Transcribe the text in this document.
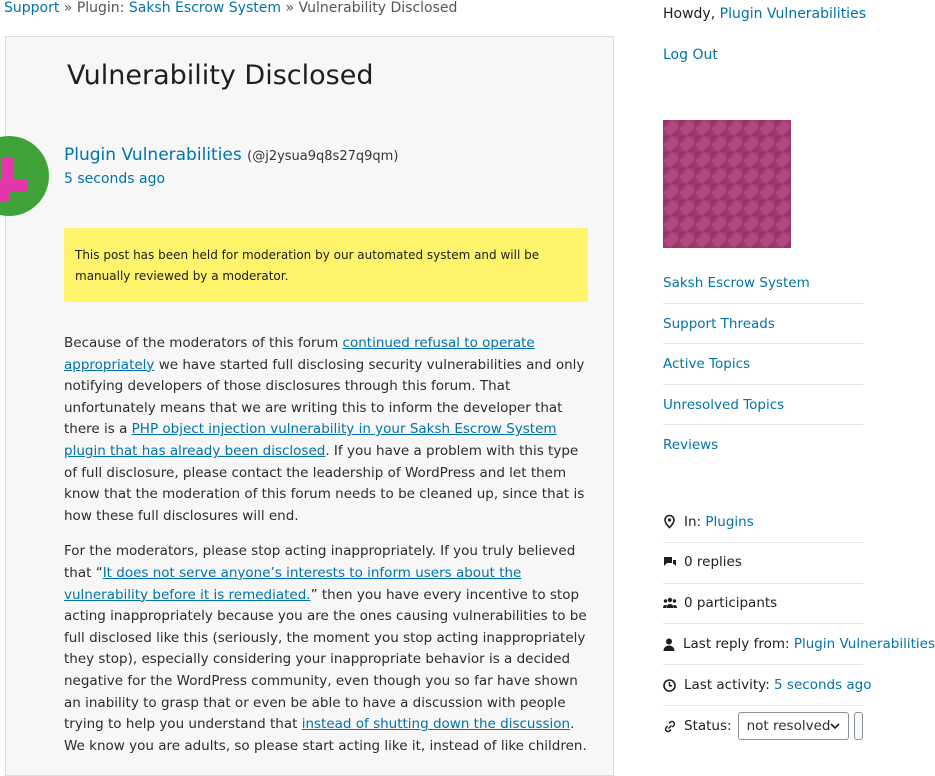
Support » Plugin: Saksh Escrow System » Vulnerability Disclosed
Vulnerability Disclosed
Plugin Vulnerabilities (@j2ysua9q8s27q9qm)
5 seconds ago
This post has been held for moderation by our automated system and will be manually reviewed by a moderator.

Because of the moderators of this forum continued refusal to operate appropriately we have started full disclosing security vulnerabilities and only notifying developers of those disclosures through this forum. That unfortunately means that we are writing this to inform the developer that there is a PHP object injection vulnerability in your Saksh Escrow System plugin that has already been disclosed. If you have a problem with this type of full disclosure, please contact the leadership of WordPress and let them know that the moderation of this forum needs to be cleaned up, since that is how these full disclosures will end.

For the moderators, please stop acting inappropriately. If you truly believed that “It does not serve anyone’s interests to inform users about the vulnerability before it is remediated.” then you have every incentive to stop acting inappropriately because you are the ones causing vulnerabilities to be full disclosed like this (seriously, the moment you stop acting inappropriately they stop), especially considering your inappropriate behavior is a decided negative for the WordPress community, even though you so far have shown an inability to grasp that or even be able to have a discussion with people trying to help you understand that instead of shutting down the discussion. We know you are adults, so please start acting like it, instead of like children.

Howdy, Plugin Vulnerabilities
Log Out
Saksh Escrow System
Support Threads
Active Topics
Unresolved Topics
Reviews
In:
Plugins
0 replies
0 participants
Last reply from:
Plugin Vulnerabilities
Last activity:
5 seconds ago
Status: not resolved
